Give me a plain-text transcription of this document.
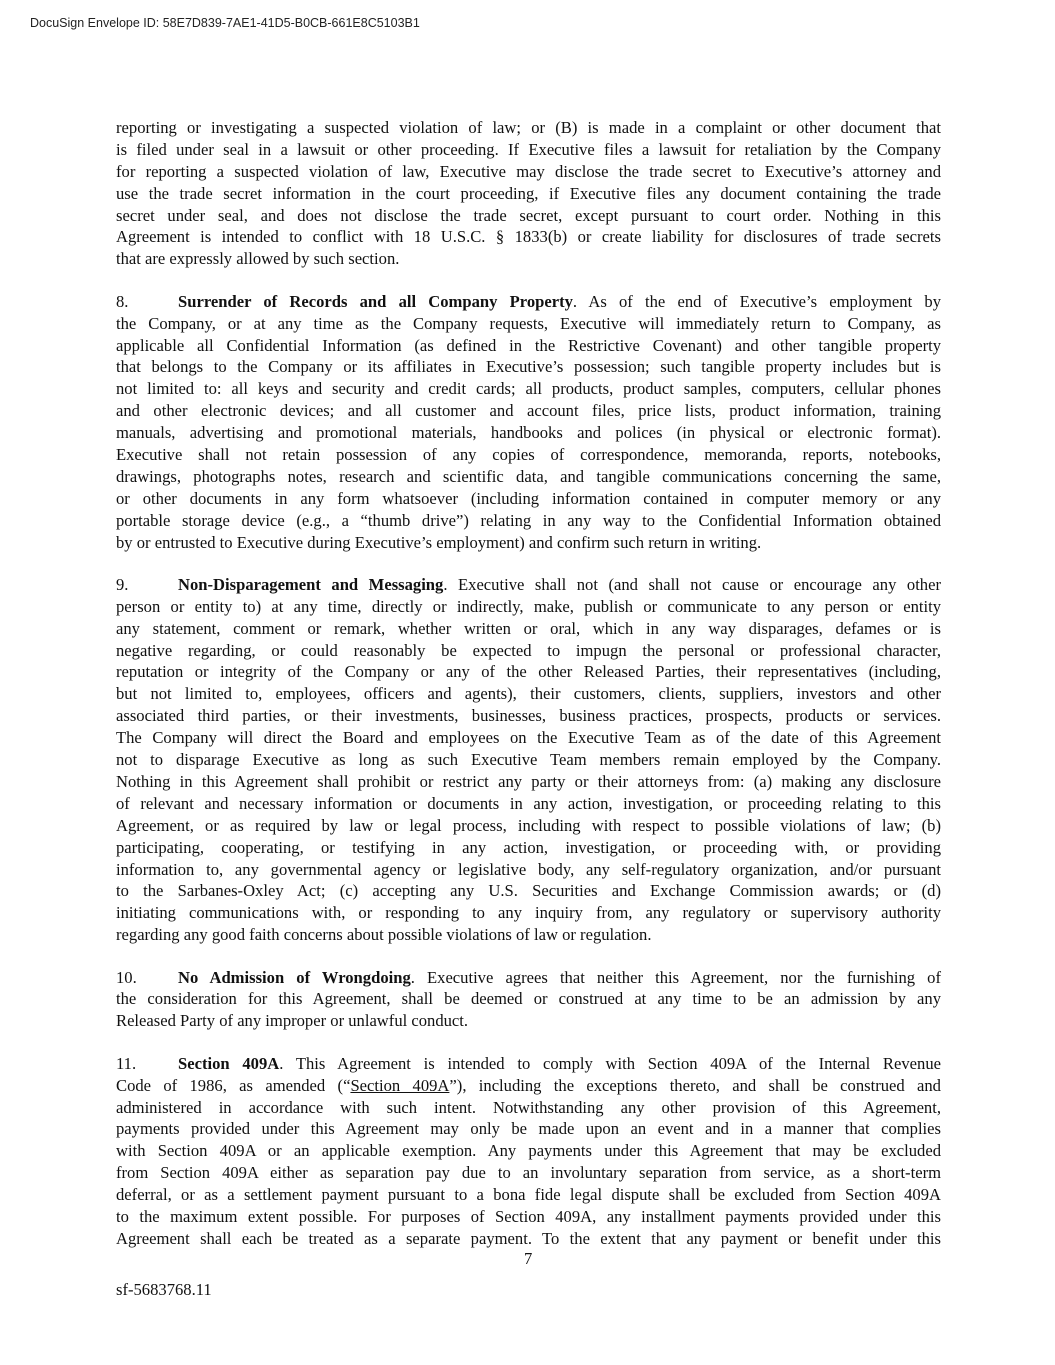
DocuSign Envelope ID: 58E7D839-7AE1-41D5-B0CB-661E8C5103B1
reporting or investigating a suspected violation of law; or (B) is made in a complaint or other document that
is filed under seal in a lawsuit or other proceeding. If Executive files a lawsuit for retaliation by the Company
for reporting a suspected violation of law, Executive may disclose the trade secret to Executive’s attorney and
use the trade secret information in the court proceeding, if Executive files any document containing the trade
secret under seal, and does not disclose the trade secret, except pursuant to court order. Nothing in this
Agreement is intended to conflict with 18 U.S.C. § 1833(b) or create liability for disclosures of trade secrets
that are expressly allowed by such section.
8.	Surrender of Records and all Company Property. As of the end of Executive’s employment by
the Company, or at any time as the Company requests, Executive will immediately return to Company, as
applicable all Confidential Information (as defined in the Restrictive Covenant) and other tangible property
that belongs to the Company or its affiliates in Executive’s possession; such tangible property includes but is
not limited to: all keys and security and credit cards; all products, product samples, computers, cellular phones
and other electronic devices; and all customer and account files, price lists, product information, training
manuals, advertising and promotional materials, handbooks and polices (in physical or electronic format).
Executive shall not retain possession of any copies of correspondence, memoranda, reports, notebooks,
drawings, photographs notes, research and scientific data, and tangible communications concerning the same,
or other documents in any form whatsoever (including information contained in computer memory or any
portable storage device (e.g., a “thumb drive”) relating in any way to the Confidential Information obtained
by or entrusted to Executive during Executive’s employment) and confirm such return in writing.
9.	Non-Disparagement and Messaging. Executive shall not (and shall not cause or encourage any other
person or entity to) at any time, directly or indirectly, make, publish or communicate to any person or entity
any statement, comment or remark, whether written or oral, which in any way disparages, defames or is
negative regarding, or could reasonably be expected to impugn the personal or professional character,
reputation or integrity of the Company or any of the other Released Parties, their representatives (including,
but not limited to, employees, officers and agents), their customers, clients, suppliers, investors and other
associated third parties, or their investments, businesses, business practices, prospects, products or services.
The Company will direct the Board and employees on the Executive Team as of the date of this Agreement
not to disparage Executive as long as such Executive Team members remain employed by the Company.
Nothing in this Agreement shall prohibit or restrict any party or their attorneys from: (a) making any disclosure
of relevant and necessary information or documents in any action, investigation, or proceeding relating to this
Agreement, or as required by law or legal process, including with respect to possible violations of law; (b)
participating, cooperating, or testifying in any action, investigation, or proceeding with, or providing
information to, any governmental agency or legislative body, any self-regulatory organization, and/or pursuant
to the Sarbanes-Oxley Act; (c) accepting any U.S. Securities and Exchange Commission awards; or (d)
initiating communications with, or responding to any inquiry from, any regulatory or supervisory authority
regarding any good faith concerns about possible violations of law or regulation.
10. No Admission of Wrongdoing. Executive agrees that neither this Agreement, nor the furnishing of
the consideration for this Agreement, shall be deemed or construed at any time to be an admission by any
Released Party of any improper or unlawful conduct.
11.	Section 409A. This Agreement is intended to comply with Section 409A of the Internal Revenue
Code of 1986, as amended (“Section 409A”), including the exceptions thereto, and shall be construed and
administered in accordance with such intent. Notwithstanding any other provision of this Agreement,
payments provided under this Agreement may only be made upon an event and in a manner that complies
with Section 409A or an applicable exemption. Any payments under this Agreement that may be excluded
from Section 409A either as separation pay due to an involuntary separation from service, as a short-term
deferral, or as a settlement payment pursuant to a bona fide legal dispute shall be excluded from Section 409A
to the maximum extent possible. For purposes of Section 409A, any installment payments provided under this
Agreement shall each be treated as a separate payment. To the extent that any payment or benefit under this
7
sf-5683768.11
